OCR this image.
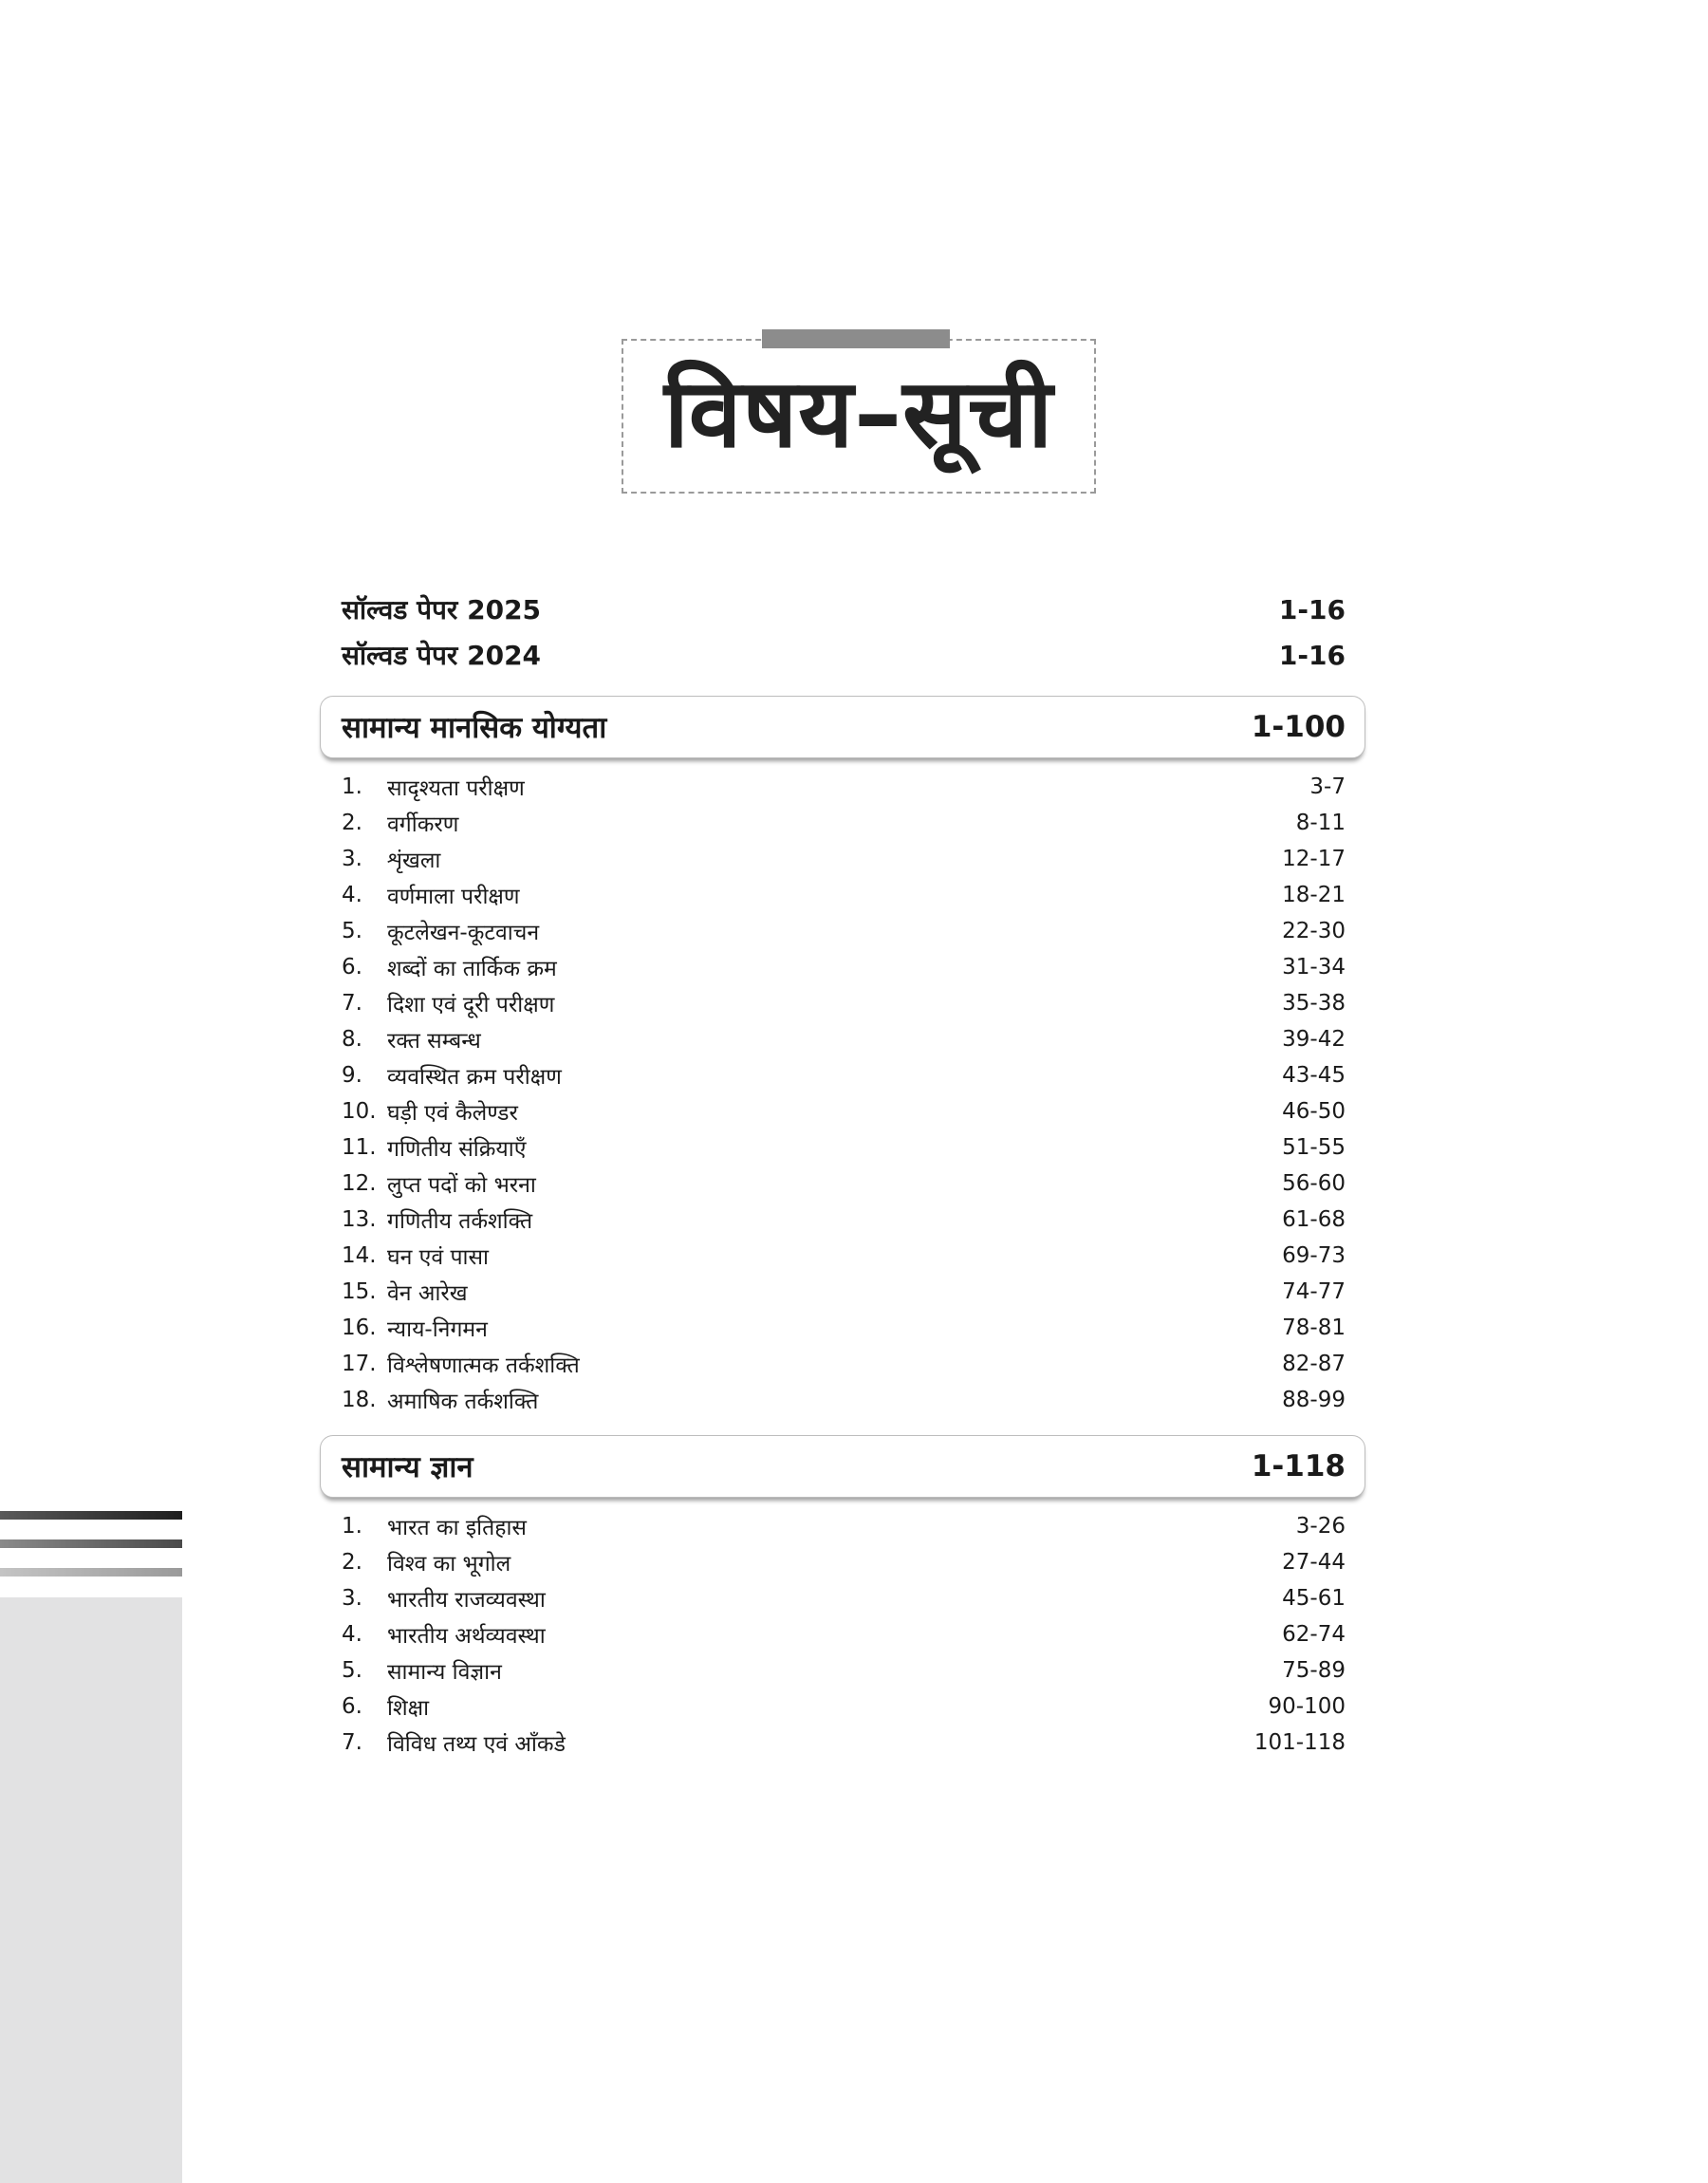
विषय–सूची
सॉल्वड पेपर 2025	1-16
सॉल्वड पेपर 2024	1-16
सामान्य मानसिक योग्यता	1-100
1.	सादृश्यता परीक्षण	3-7
2.	वर्गीकरण	8-11
3.	शृंखला	12-17
4.	वर्णमाला परीक्षण	18-21
5.	कूटलेखन-कूटवाचन	22-30
6.	शब्दों का तार्किक क्रम	31-34
7.	दिशा एवं दूरी परीक्षण	35-38
8.	रक्त सम्बन्ध	39-42
9.	व्यवस्थित क्रम परीक्षण	43-45
10. घड़ी एवं कैलेण्डर	46-50
11. गणितीय संक्रियाएँ	51-55
12. लुप्त पदों को भरना	56-60
13. गणितीय तर्कशक्ति	61-68
14. घन एवं पासा	69-73
15. वेन आरेख	74-77
16. न्याय-निगमन	78-81
17. विश्लेषणात्मक तर्कशक्ति	82-87
18. अमाषिक तर्कशक्ति	88-99
सामान्य ज्ञान	1-118
1.	भारत का इतिहास	3-26
2.	विश्व का भूगोल	27-44
3.	भारतीय राजव्यवस्था	45-61
4.	भारतीय अर्थव्यवस्था	62-74
5.	सामान्य विज्ञान	75-89
6.	शिक्षा	90-100
7.	विविध तथ्य एवं आँकडे	101-118
